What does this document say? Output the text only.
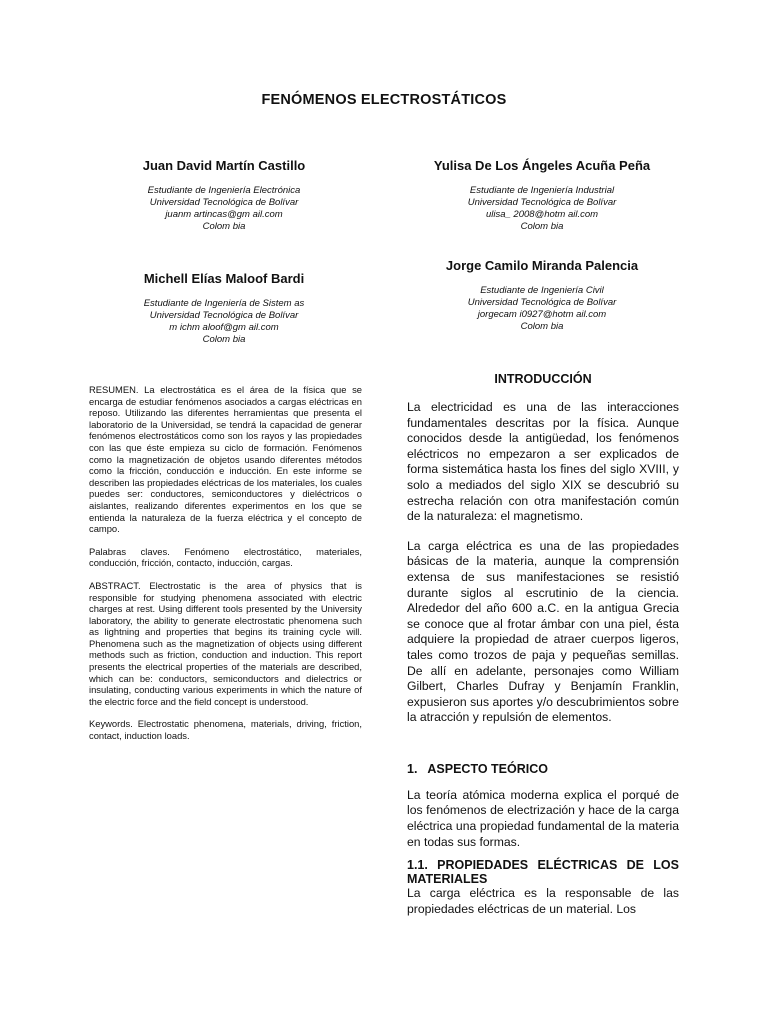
FENÓMENOS ELECTROSTÁTICOS
Juan David Martín Castillo
Estudiante de Ingeniería Electrónica
Universidad Tecnológica de Bolívar
juanm artincas@gm ail.com
Colom bia
Yulisa De Los Ángeles Acuña Peña
Estudiante de Ingeniería Industrial
Universidad Tecnológica de Bolívar
ulisa_ 2008@hotm ail.com
Colom bia
Michell Elías Maloof Bardi
Estudiante de Ingeniería de Sistem as
Universidad Tecnológica de Bolívar
m ichm aloof@gm ail.com
Colom bia
Jorge Camilo Miranda Palencia
Estudiante de Ingeniería Civil
Universidad Tecnológica de Bolívar
jorgecam i0927@hotm ail.com
Colom bia

RESUMEN. La electrostática es el área de la física que se encarga de estudiar fenómenos asociados a cargas eléctricas en reposo. Utilizando las diferentes herramientas que presenta el laboratorio de la Universidad, se tendrá la capacidad de generar fenómenos electrostáticos como son los rayos y las propiedades con las que éste empieza su ciclo de formación. Fenómenos como la magnetización de objetos usando diferentes métodos como la fricción, conducción e inducción. En este informe se describen las propiedades eléctricas de los materiales, los cuales puedes ser: conductores, semiconductores y dieléctricos o aislantes, realizando diferentes experimentos en los que se entienda la naturaleza de la fuerza eléctrica y el concepto de campo.

Palabras claves. Fenómeno electrostático, materiales, conducción, fricción, contacto, inducción, cargas.

ABSTRACT. Electrostatic is the area of physics that is responsible for studying phenomena associated with electric charges at rest. Using different tools presented by the University laboratory, the ability to generate electrostatic phenomena such as lightning and properties that begins its training cycle will. Phenomena such as the magnetization of objects using different methods such as friction, conduction and induction. This report presents the electrical properties of the materials are described, which can be: conductors, semiconductors and dielectrics or insulating, conducting various experiments in which the nature of the electric force and the field concept is understood.

Keywords. Electrostatic phenomena, materials, driving, friction, contact, induction loads.

INTRODUCCIÓN

La electricidad es una de las interacciones fundamentales descritas por la física. Aunque conocidos desde la antigüedad, los fenómenos eléctricos no empezaron a ser explicados de forma sistemática hasta los fines del siglo XVIII, y solo a mediados del siglo XIX se descubrió su estrecha relación con otra manifestación común de la naturaleza: el magnetismo.

La carga eléctrica es una de las propiedades básicas de la materia, aunque la comprensión extensa de sus manifestaciones se resistió durante siglos al escrutinio de la ciencia. Alrededor del año 600 a.C. en la antigua Grecia se conoce que al frotar ámbar con una piel, ésta adquiere la propiedad de atraer cuerpos ligeros, tales como trozos de paja y pequeñas semillas. De allí en adelante, personajes como William Gilbert, Charles Dufray y Benjamín Franklin, expusieron sus aportes y/o descubrimientos sobre la atracción y repulsión de elementos.

1.   ASPECTO TEÓRICO

La teoría atómica moderna explica el porqué de los fenómenos de electrización y hace de la carga eléctrica una propiedad fundamental de la materia en todas sus formas.

1.1. PROPIEDADES ELÉCTRICAS DE LOS MATERIALES

La carga eléctrica es la responsable de las propiedades eléctricas de un material. Los
